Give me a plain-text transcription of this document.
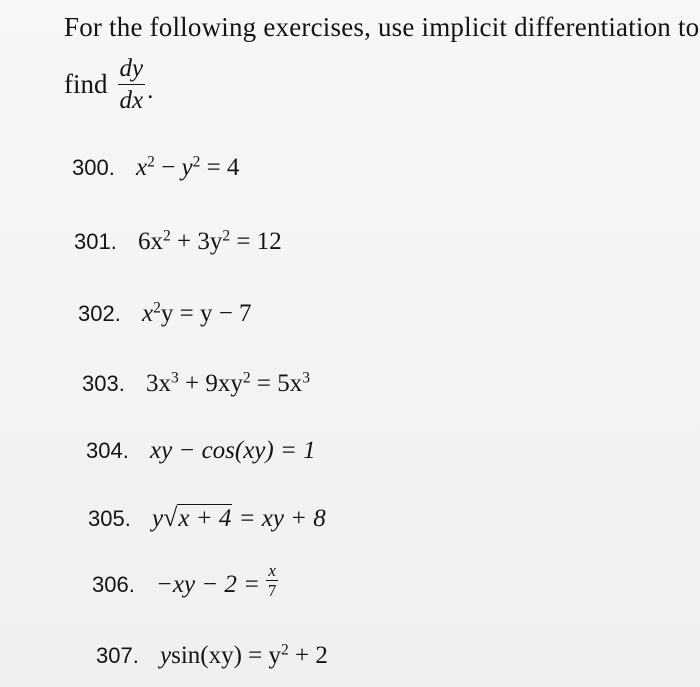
For the following exercises, use implicit differentiation to
find $\frac{dy}{dx}$ .
300. $x^2 - y^2 = 4$
301. $6x^2 + 3y^2 = 12$
302. $x^2y = y - 7$
303. $3x^3 + 9xy^2 = 5x^3$
304. xy − cos(xy) = 1
305. y √ x + 4 = xy + 8
306. $-xy - 2 = \frac{x}{7}$
307. $ysin(xy) = y^2 + 2$
